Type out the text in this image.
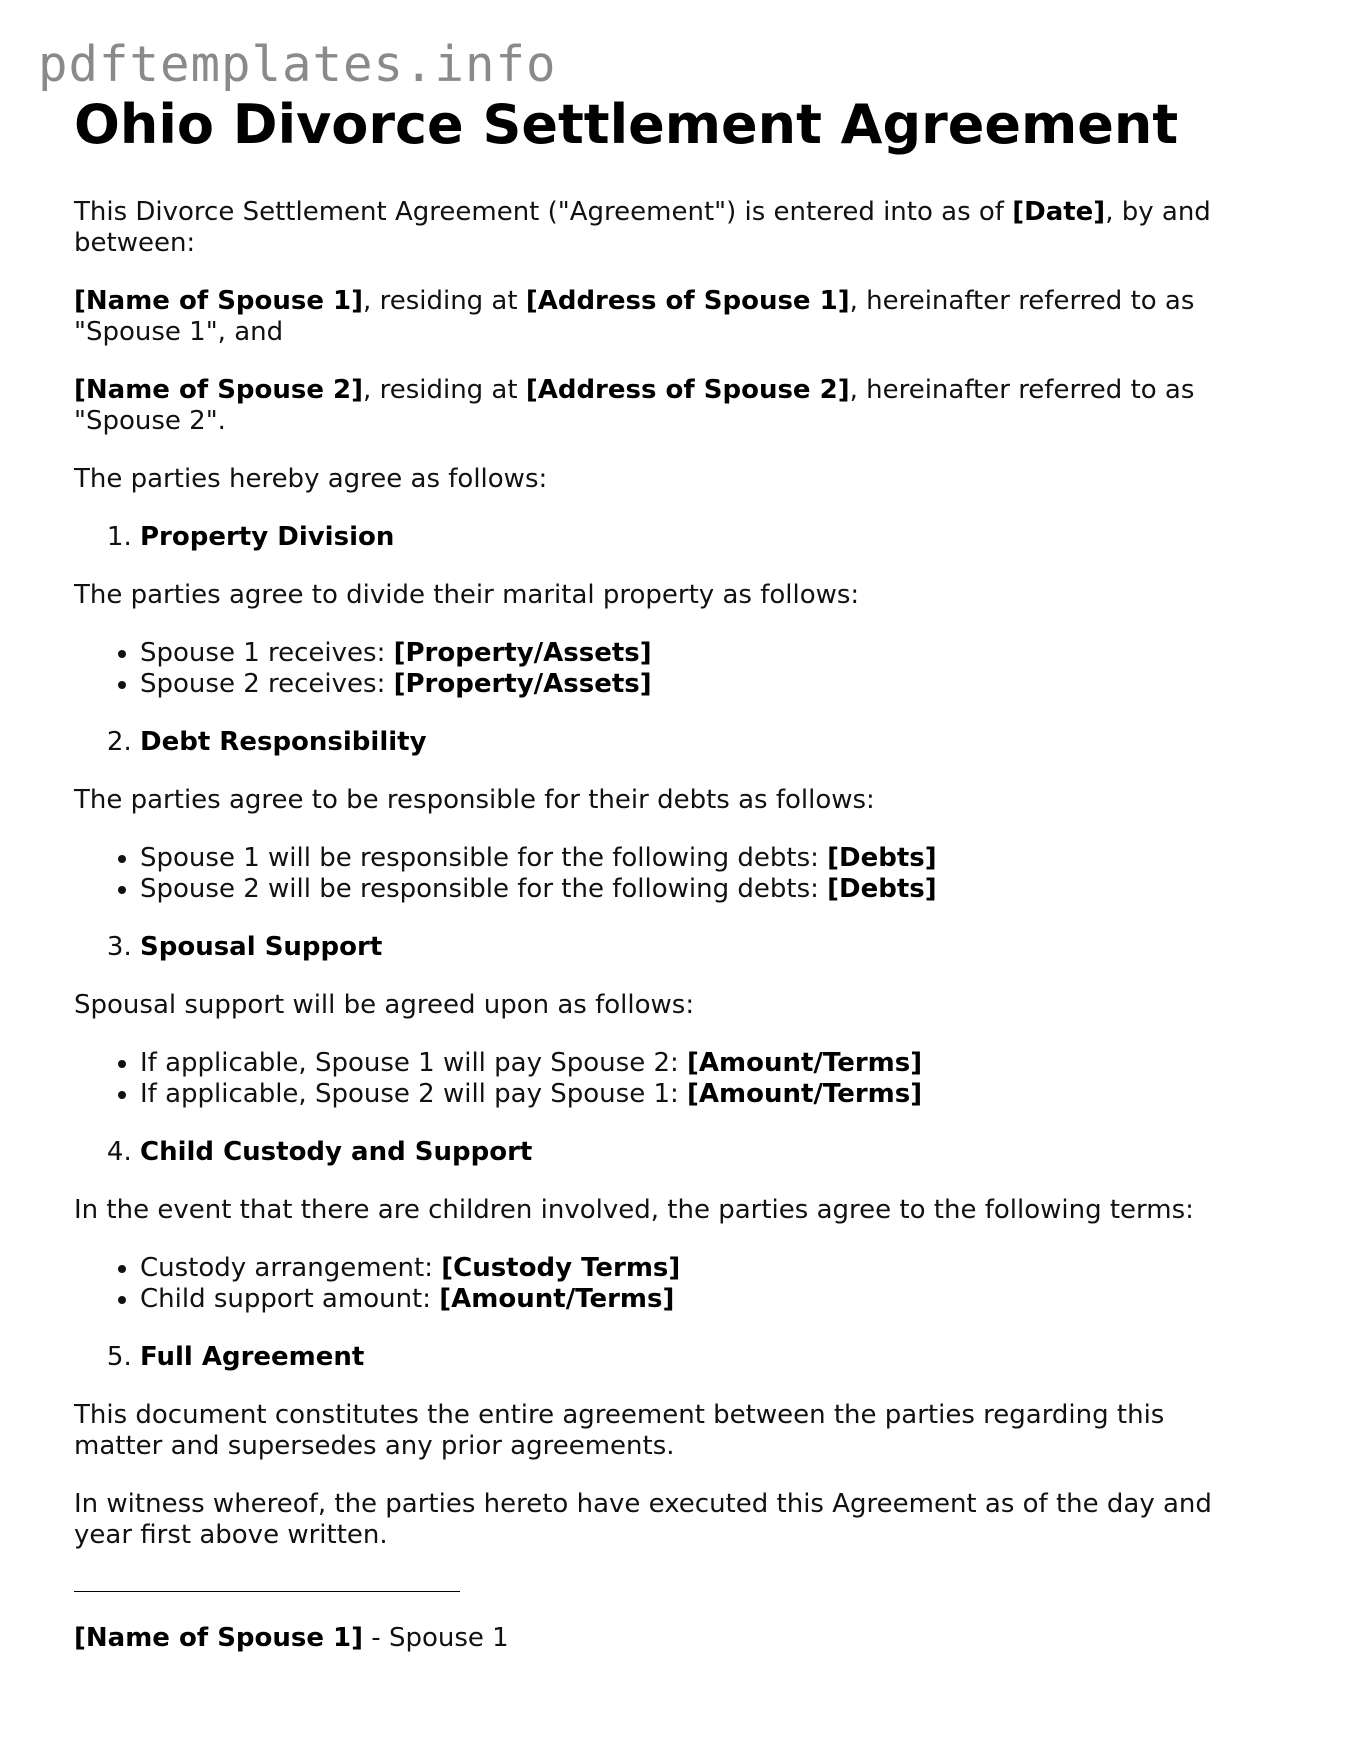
pdftemplates.info
Ohio Divorce Settlement Agreement

This Divorce Settlement Agreement ("Agreement") is entered into as of [Date], by and between:

[Name of Spouse 1], residing at [Address of Spouse 1], hereinafter referred to as "Spouse 1", and

[Name of Spouse 2], residing at [Address of Spouse 2], hereinafter referred to as "Spouse 2".

The parties hereby agree as follows:

1. Property Division

The parties agree to divide their marital property as follows:

• Spouse 1 receives: [Property/Assets]
• Spouse 2 receives: [Property/Assets]
2. Debt Responsibility

The parties agree to be responsible for their debts as follows:

• Spouse 1 will be responsible for the following debts: [Debts]
• Spouse 2 will be responsible for the following debts: [Debts]
3. Spousal Support

Spousal support will be agreed upon as follows:

• If applicable, Spouse 1 will pay Spouse 2: [Amount/Terms]
• If applicable, Spouse 2 will pay Spouse 1: [Amount/Terms]
4. Child Custody and Support

In the event that there are children involved, the parties agree to the following terms:

• Custody arrangement: [Custody Terms]
• Child support amount: [Amount/Terms]
5. Full Agreement

This document constitutes the entire agreement between the parties regarding this matter and supersedes any prior agreements.

In witness whereof, the parties hereto have executed this Agreement as of the day and year first above written.

[Name of Spouse 1] - Spouse 1
